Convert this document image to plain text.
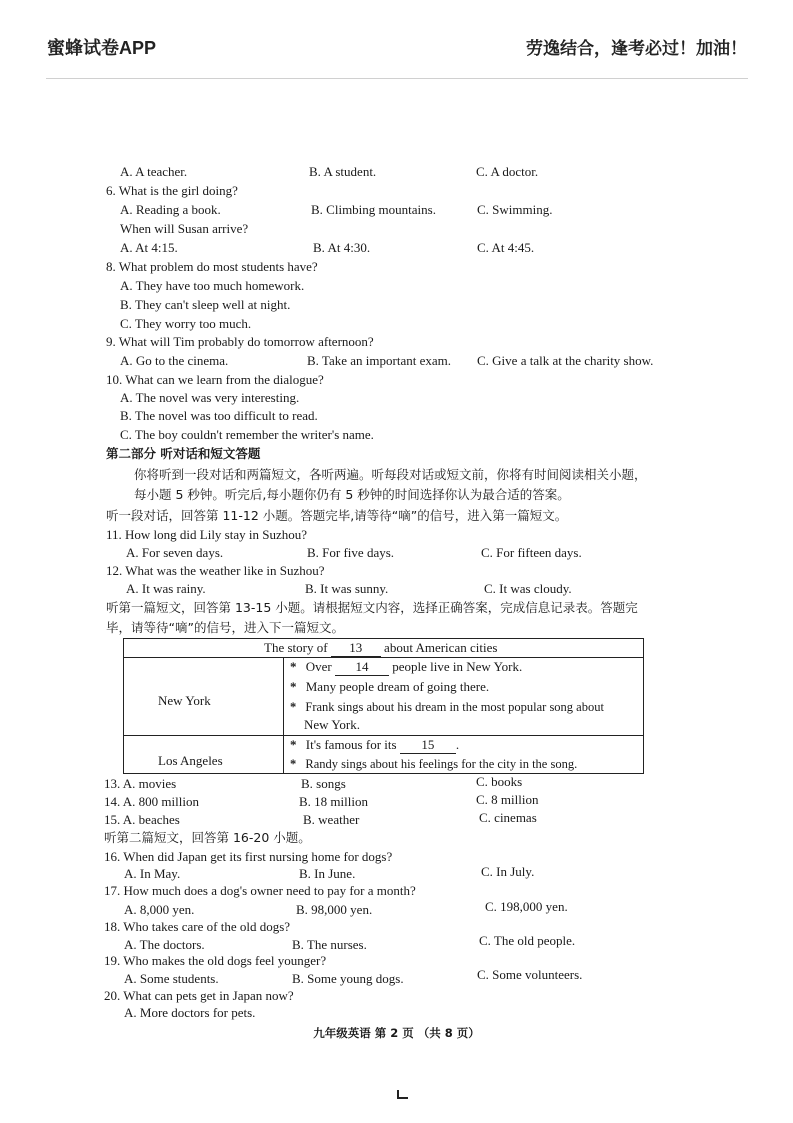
蜜蜂试卷APP	劳逸结合，逢考必过！加油！
A. A teacher.	B. A student.	C. A doctor.
6. What is the girl doing?
A. Reading a book.	B. Climbing mountains.	C. Swimming.
When will Susan arrive?
A. At 4:15.	B. At 4:30.	C. At 4:45.
8. What problem do most students have?
A. They have too much homework.
B. They can't sleep well at night.
C. They worry too much.
9. What will Tim probably do tomorrow afternoon?
A. Go to the cinema.	B. Take an important exam. C. Give a talk at the charity show.
10. What can we learn from the dialogue?
A. The novel was very interesting.
B. The novel was too difficult to read.
C. The boy couldn't remember the writer's name.
第二部分 听对话和短文答题
你将听到一段对话和两篇短文，各听两遍。听每段对话或短文前，你将有时间阅读相关小题，
每小题 5 秒钟。听完后,每小题你仍有 5 秒钟的时间选择你认为最合适的答案。
听一段对话，回答第 11-12 小题。答题完毕,请等待“嘀”的信号，进入第一篇短文。
11. How long did Lily stay in Suzhou?
A. For seven days.	B. For five days.	C. For fifteen days.
12. What was the weather like in Suzhou?
A. It was rainy.	B. It was sunny.	C. It was cloudy.
听第一篇短文，回答第 13-15 小题。请根据短文内容，选择正确答案，完成信息记录表。答题完
毕，请等待“嘀”的信号，进入下一篇短文。
The story of 13 about American cities
New York
* Over 14 people live in New York.
* Many people dream of going there.
* Frank sings about his dream in the most popular song about
New York.
Los Angeles
* It's famous for its 15 .
* Randy sings about his feelings for the city in the song.
13. A. movies	B. songs	C. books
14. A. 800 million	B. 18 million	C. 8 million
15. A. beaches	B. weather	C. cinemas
听第二篇短文，回答第 16-20 小题。
16. When did Japan get its first nursing home for dogs?
A. In May.	B. In June.	C. In July.
17. How much does a dog's owner need to pay for a month?
A. 8,000 yen.	B. 98,000 yen.	C. 198,000 yen.
18. Who takes care of the old dogs?
A. The doctors.	B. The nurses.	C. The old people.
19. Who makes the old dogs feel younger?
A. Some students.	B. Some young dogs.	C. Some volunteers.
20. What can pets get in Japan now?
A. More doctors for pets.
九年级英语 第 2 页 （共 8 页）
